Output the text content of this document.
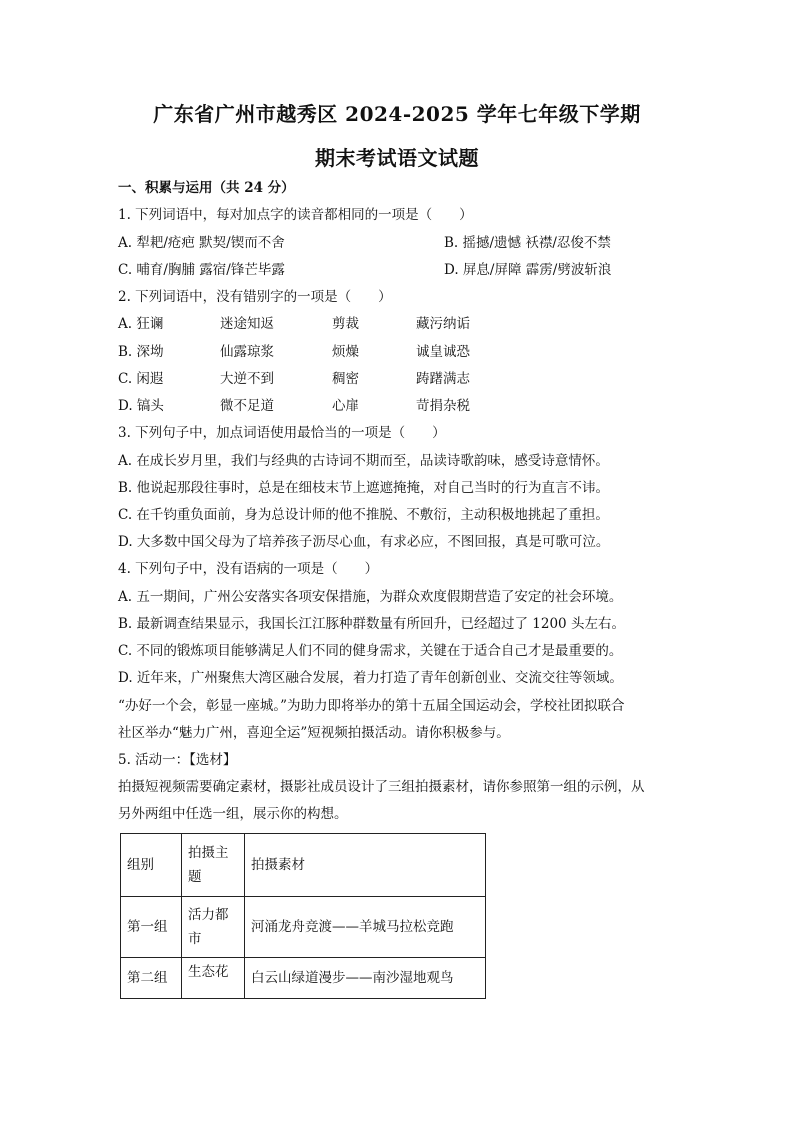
广东省广州市越秀区 2024-2025 学年七年级下学期
期末考试语文试题
一、积累与运用（共 24 分）
1. 下列词语中，每对加点字的读音都相同的一项是（　　）
A. 犁耙/疮疤 默契/锲而不舍	B. 摇撼/遗憾 袄襟/忍俊不禁
C. 哺育/胸脯 露宿/锋芒毕露	D. 屏息/屏障 霹雳/劈波斩浪
2. 下列词语中，没有错别字的一项是（　　）
A. 狂谰	迷途知返	剪裁	藏污纳诟
B. 深坳	仙露琼浆	烦燥	诚皇诚恐
C. 闲遐	大逆不到	稠密	踌躇满志
D. 镐头	微不足道	心扉	苛捐杂税
3. 下列句子中，加点词语使用最恰当的一项是（　　）
A. 在成长岁月里，我们与经典的古诗词不期而至，品读诗歌韵味，感受诗意情怀。
B. 他说起那段往事时，总是在细枝末节上遮遮掩掩，对自己当时的行为直言不讳。
C. 在千钧重负面前，身为总设计师的他不推脱、不敷衍，主动积极地挑起了重担。
D. 大多数中国父母为了培养孩子沥尽心血，有求必应，不图回报，真是可歌可泣。
4. 下列句子中，没有语病的一项是（　　）
A. 五一期间，广州公安落实各项安保措施，为群众欢度假期营造了安定的社会环境。
B. 最新调查结果显示，我国长江江豚种群数量有所回升，已经超过了 1200 头左右。
C. 不同的锻炼项目能够满足人们不同的健身需求，关键在于适合自己才是最重要的。
D. 近年来，广州聚焦大湾区融合发展，着力打造了青年创新创业、交流交往等领域。
“办好一个会，彰显一座城。”为助力即将举办的第十五届全国运动会，学校社团拟联合
社区举办“魅力广州，喜迎全运”短视频拍摄活动。请你积极参与。
5. 活动一：【选材】
拍摄短视频需要确定素材，摄影社成员设计了三组拍摄素材，请你参照第一组的示例，从
另外两组中任选一组，展示你的构想。
组别	拍摄主题	拍摄素材
第一组	活力都市	河涌龙舟竞渡——羊城马拉松竞跑
第二组	生态花	白云山绿道漫步——南沙湿地观鸟
